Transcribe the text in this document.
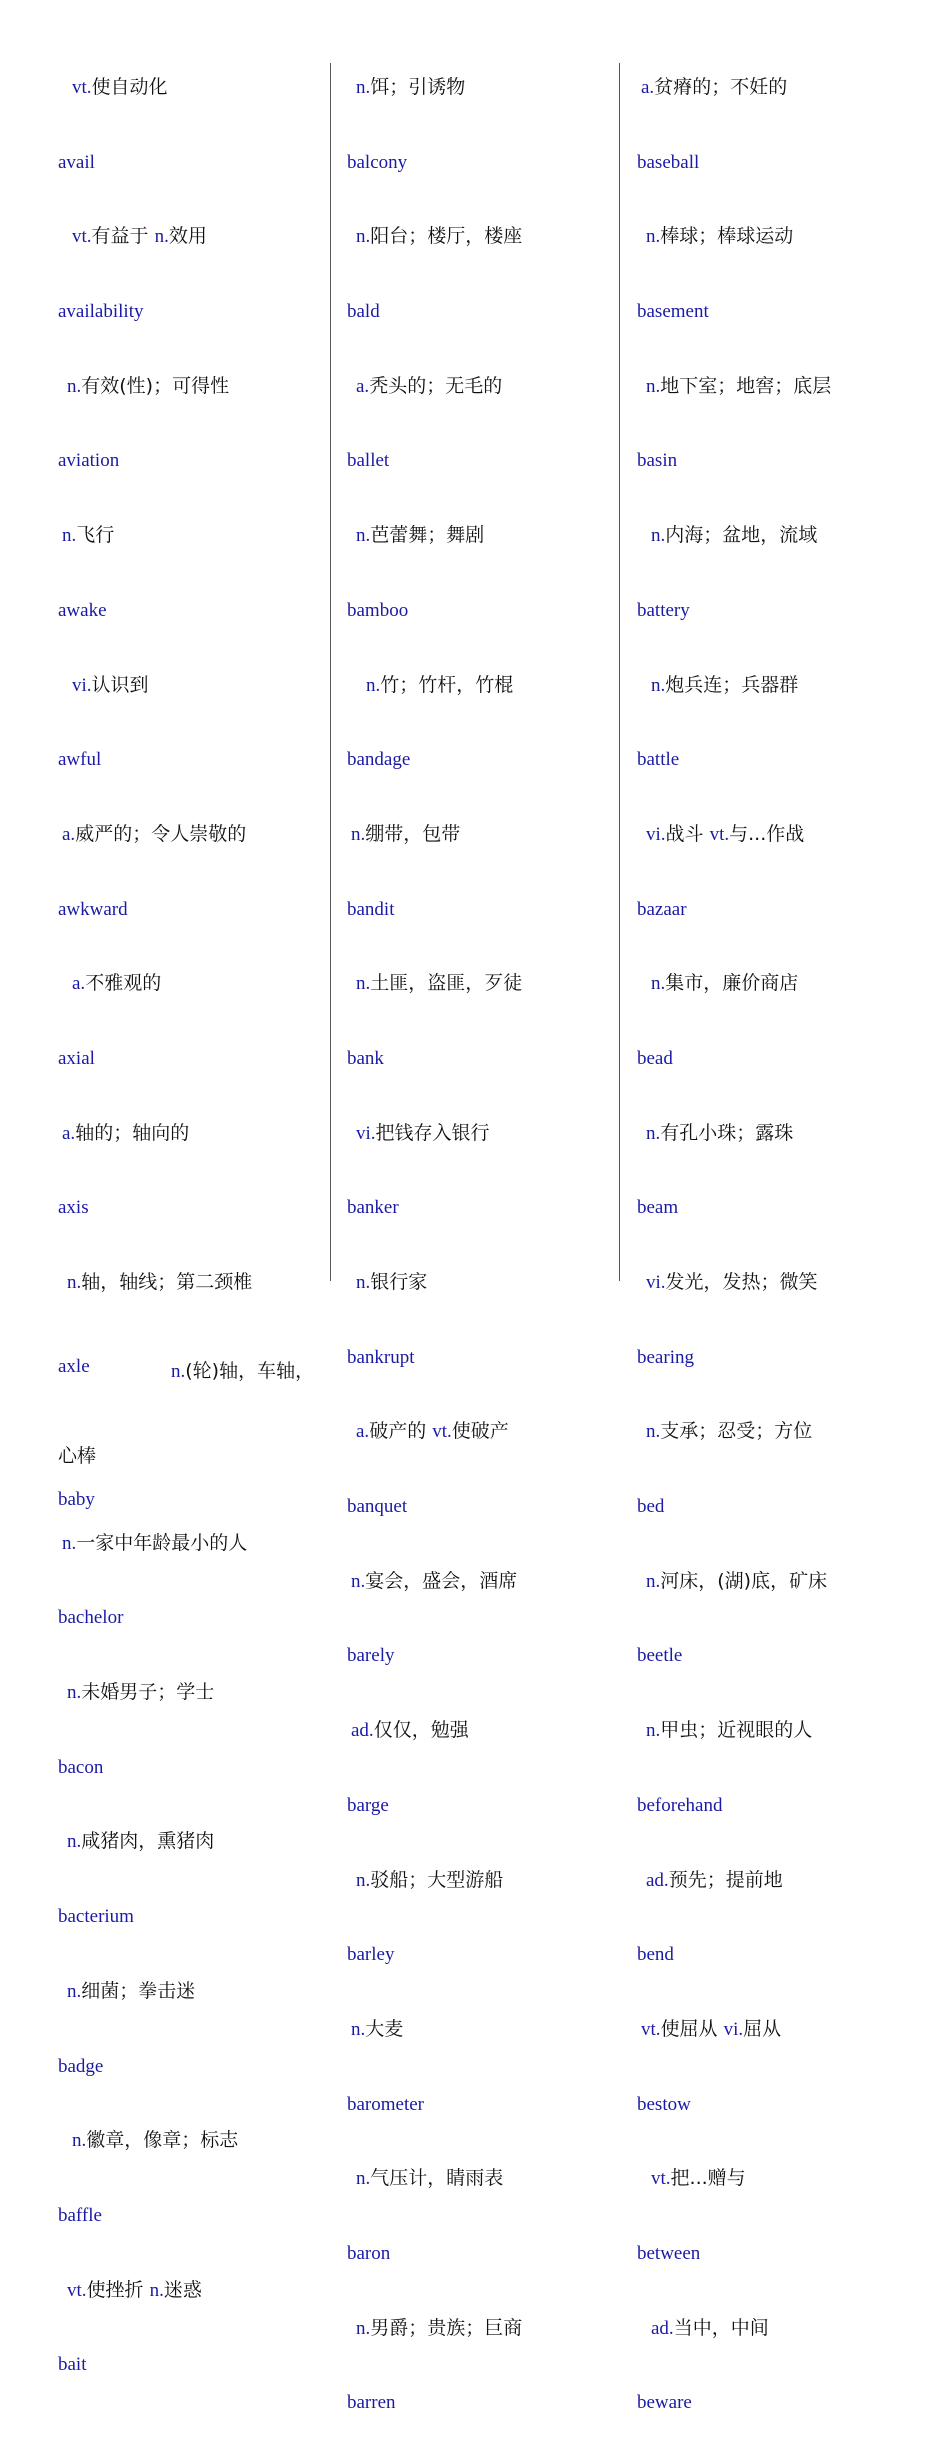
vt.使自动化
avail
vt.有益于 n.效用
availability
n.有效(性)；可得性
aviation
n.飞行
awake
vi.认识到
awful
a.威严的；令人崇敬的
awkward
a.不雅观的
axial
a.轴的；轴向的
axis
n.轴，轴线；第二颈椎
axle	n.(轮)轴，车轴，
心棒
baby
n.一家中年龄最小的人
bachelor
n.未婚男子；学士
bacon
n.咸猪肉，熏猪肉
bacterium
n.细菌；拳击迷
badge
n.徽章，像章；标志
baffle
vt.使挫折 n.迷惑
bait
n.饵；引诱物
balcony
n.阳台；楼厅，楼座
bald
a.秃头的；无毛的
ballet
n.芭蕾舞；舞剧
bamboo
n.竹；竹杆，竹棍
bandage
n.绷带，包带
bandit
n.土匪，盗匪，歹徒
bank
vi.把钱存入银行
banker
n.银行家
bankrupt
a.破产的 vt.使破产
banquet
n.宴会，盛会，酒席
barely
ad.仅仅，勉强
barge
n.驳船；大型游船
barley
n.大麦
barometer
n.气压计，睛雨表
baron
n.男爵；贵族；巨商
barren
a.贫瘠的；不妊的
baseball
n.棒球；棒球运动
basement
n.地下室；地窖；底层
basin
n.内海；盆地，流域
battery
n.炮兵连；兵器群
battle
vi.战斗 vt.与...作战
bazaar
n.集市，廉价商店
bead
n.有孔小珠；露珠
beam
vi.发光，发热；微笑
bearing
n.支承；忍受；方位
bed
n.河床，(湖)底，矿床
beetle
n.甲虫；近视眼的人
beforehand
ad.预先；提前地
bend
vt.使屈从 vi.屈从
bestow
vt.把...赠与
between
ad.当中，中间
beware
